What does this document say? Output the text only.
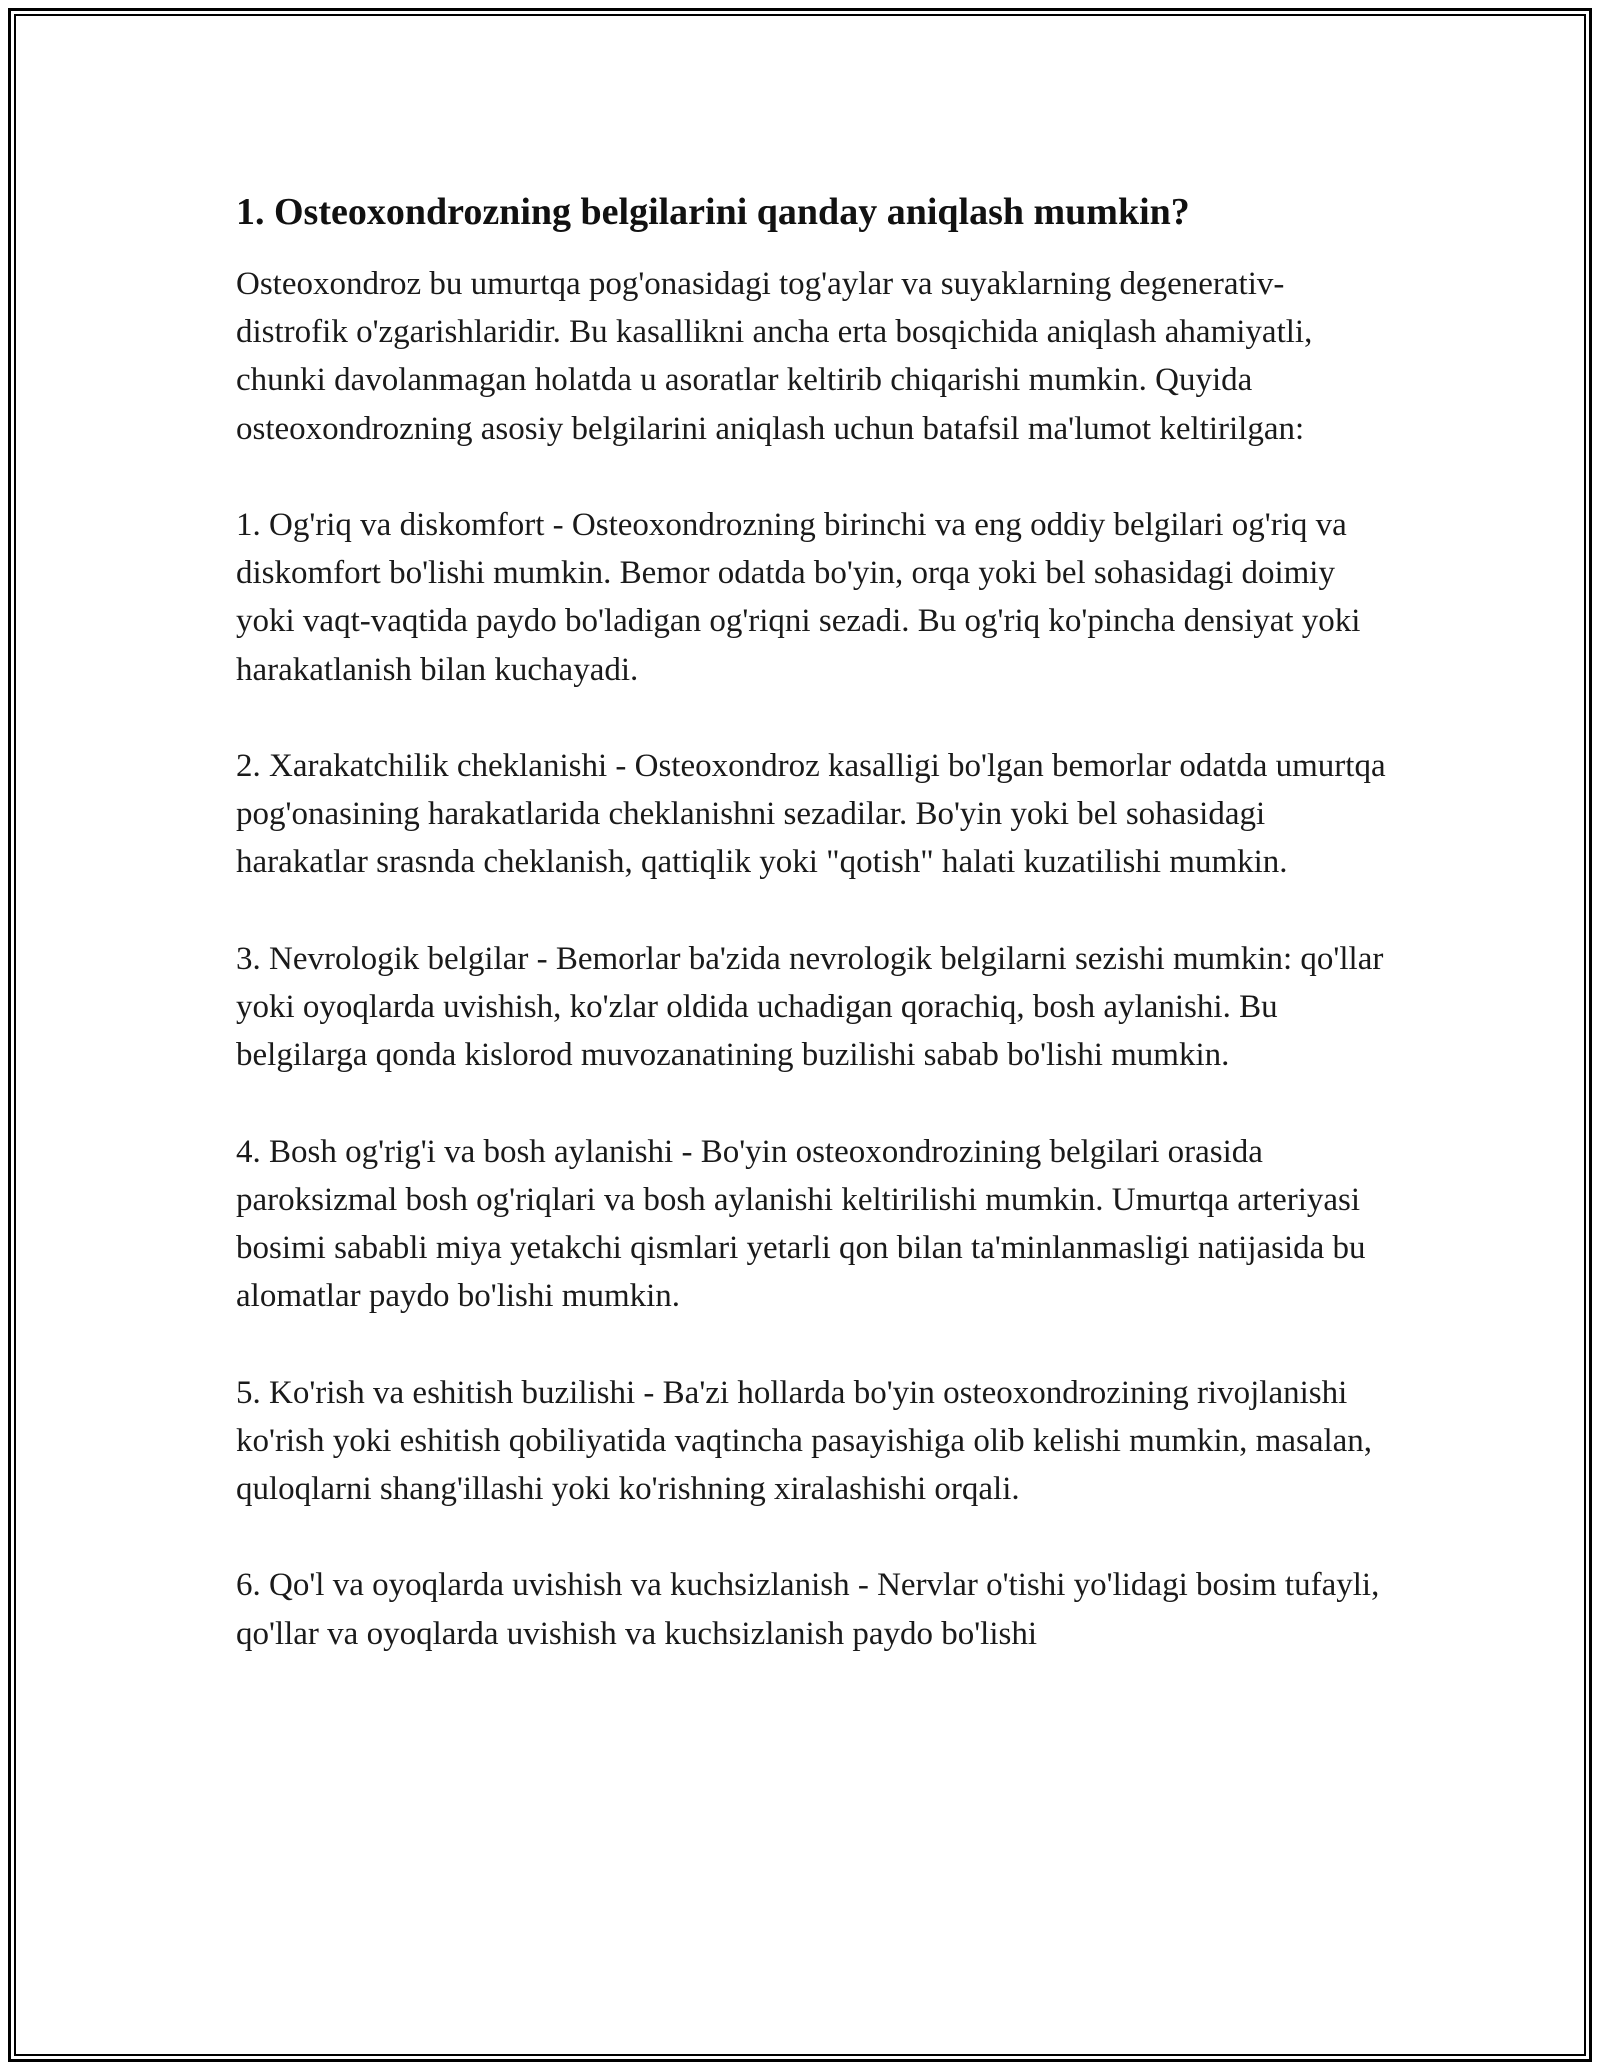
1. Osteoxondrozning belgilarini qanday aniqlash mumkin?

Osteoxondroz bu umurtqa pog'onasidagi tog'aylar va suyaklarning degenerativ-distrofik o'zgarishlaridir. Bu kasallikni ancha erta bosqichida aniqlash ahamiyatli, chunki davolanmagan holatda u asoratlar keltirib chiqarishi mumkin. Quyida osteoxondrozning asosiy belgilarini aniqlash uchun batafsil ma'lumot keltirilgan:

1. Og'riq va diskomfort - Osteoxondrozning birinchi va eng oddiy belgilari og'riq va diskomfort bo'lishi mumkin. Bemor odatda bo'yin, orqa yoki bel sohasidagi doimiy yoki vaqt-vaqtida paydo bo'ladigan og'riqni sezadi. Bu og'riq ko'pincha densiyat yoki harakatlanish bilan kuchayadi.

2. Xarakatchilik cheklanishi - Osteoxondroz kasalligi bo'lgan bemorlar odatda umurtqa pog'onasining harakatlarida cheklanishni sezadilar. Bo'yin yoki bel sohasidagi harakatlar srasnda cheklanish, qattiqlik yoki "qotish" halati kuzatilishi mumkin.

3. Nevrologik belgilar - Bemorlar ba'zida nevrologik belgilarni sezishi mumkin: qo'llar yoki oyoqlarda uvishish, ko'zlar oldida uchadigan qorachiq, bosh aylanishi. Bu belgilarga qonda kislorod muvozanatining buzilishi sabab bo'lishi mumkin.

4. Bosh og'rig'i va bosh aylanishi - Bo'yin osteoxondrozining belgilari orasida paroksizmal bosh og'riqlari va bosh aylanishi keltirilishi mumkin. Umurtqa arteriyasi bosimi sababli miya yetakchi qismlari yetarli qon bilan ta'minlanmasligi natijasida bu alomatlar paydo bo'lishi mumkin.

5. Ko'rish va eshitish buzilishi - Ba'zi hollarda bo'yin osteoxondrozining rivojlanishi ko'rish yoki eshitish qobiliyatida vaqtincha pasayishiga olib kelishi mumkin, masalan, quloqlarni shang'illashi yoki ko'rishning xiralashishi orqali.

6. Qo'l va oyoqlarda uvishish va kuchsizlanish - Nervlar o'tishi yo'lidagi bosim tufayli, qo'llar va oyoqlarda uvishish va kuchsizlanish paydo bo'lishi
